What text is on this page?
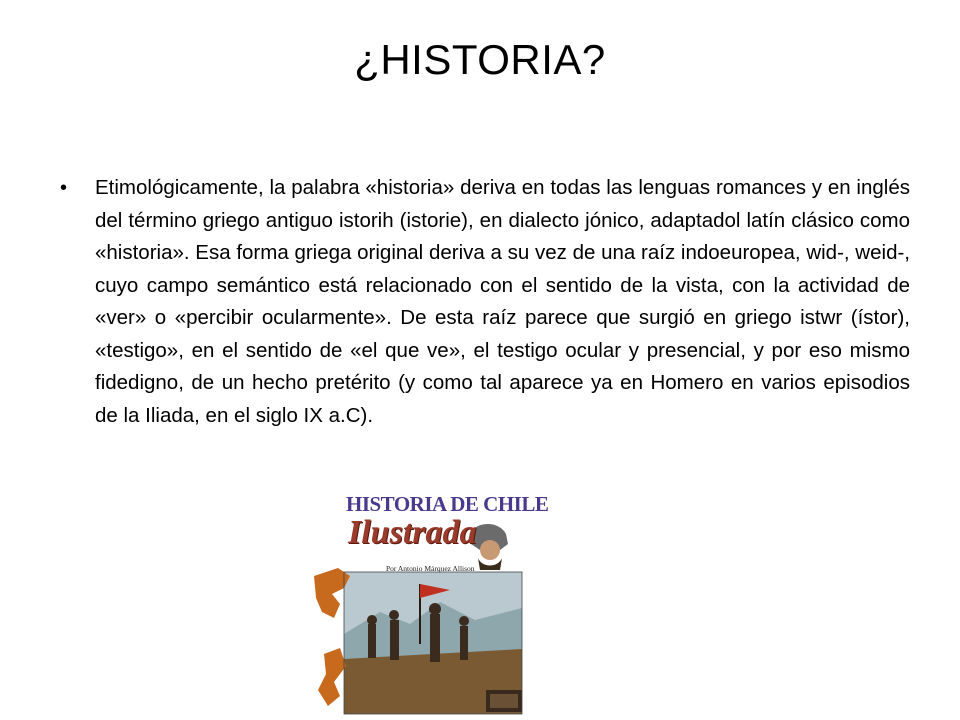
¿HISTORIA?
• Etimológicamente, la palabra «historia» deriva en todas las lenguas romances y en inglés del término griego antiguo istorih (istorie), en dialecto jónico, adaptadol latín clásico como «historia». Esa forma griega original deriva a su vez de una raíz indoeuropea, wid-, weid-, cuyo campo semántico está relacionado con el sentido de la vista, con la actividad de «ver» o «percibir ocularmente». De esta raíz parece que surgió en griego istwr (ístor), «testigo», en el sentido de «el que ve», el testigo ocular y presencial, y por eso mismo fidedigno, de un hecho pretérito (y como tal aparece ya en Homero en varios episodios de la Iliada, en el siglo IX a.C).
HISTORIA DE CHILE
Ilustrada
Por Antonio Márquez Allison
